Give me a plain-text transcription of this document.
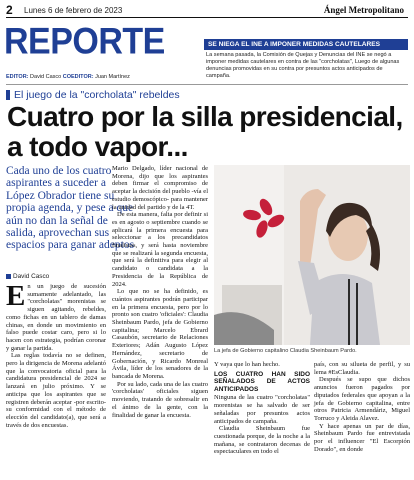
2 Lunes 6 de febrero de 2023	Ángel Metropolitano
REPORTE
EDITOR: David Casco COEDITOR: Juan Martínez
SE NIEGA EL INE A IMPONER MEDIDAS CAUTELARES
La semana pasada, la Comisión de Quejas y Denuncias del INE se negó a imponer medidas cautelares en contra de las "corcholatas", Luego de algunas denuncias promovidas en su contra por presuntos actos anticipados de campaña.
El juego de la "corcholata" rebeldes
Cuatro por la silla presidencial, a todo vapor...
Cada uno de los cuatro aspirantes a suceder a López Obrador tiene su propia agenda, y pese a que aún no dan la señal de salida, aprovechan sus espacios para ganar adeptos
David Casco

En un juego de sucesión sumamente adelantado, las "corcholatas" morenistas se siguen agitando, rebeldes, como fichas en un tablero de damas chinas, en donde un movimiento en falso puede costar caro, pero si lo hacen con estrategia, podrían coronar y ganar la partida.

Las reglas todavía no se definen, pero la dirigencia de Morena adelantó que la convocatoria oficial para la candidatura presidencial de 2024 se lanzará en julio próximo. Y se anticipa que los aspirantes que se registren deberán aceptar -por escrito- su conformidad con el método de elección del candidato(a), que será a través de dos encuestas.

Mario Delgado, líder nacional de Morena, dijo que los aspirantes deben firmar el compromiso de aceptar la decisión del pueblo -vía el estudio demoscópico- para mantener la unidad del partido y de la 4T.

De esta manera, falta por definir si es en agosto o septiembre cuando se aplicará la primera encuesta para seleccionar a los precandidatos finalistas, y será hasta noviembre que se realizará la segunda encuesta, que será la definitiva para elegir al candidato o candidata a la Presidencia de la República de 2024.

Lo que no se ha definido, es cuántos aspirantes podrán participar en la primera encuesta, pero por lo pronto son cuatro 'oficiales': Claudia Sheinbaum Pardo, jefa de Gobierno capitalina; Marcelo Ebrard Casaubón, secretario de Relaciones Exteriores; Adán Augusto López Hernández, secretario de Gobernación, y Ricardo Monreal Ávila, líder de los senadores de la bancada de Morena.

Por su lado, cada una de las cuatro 'corcholatas' oficiales siguen moviendo, tratando de sobresalir en el ánimo de la gente, con la finalidad de ganar la encuesta.

La jefa de Gobierno capitalino Claudia Sheinbaum Pardo.

Y vaya que lo han hecho.

LOS CUATRO HAN SIDO SEÑALADOS DE ACTOS ANTICIPADOS

Ninguna de las cuatro "corcholatas" morenistas se ha salvado de ser señaladas por presuntos actos anticipados de campaña.

Claudia Sheinbaum fue cuestionada porque, de la noche a la mañana, se contrataron decenas de espectaculares en todo el

país, con su silueta de perfil, y su lema #EsClaudia.

Después se supo que dichos anuncios fueron pagados por diputados federales que apoyan a la jefa de Gobierno capitalina, entre otros Patricia Armendáriz, Miguel Torruco y Aleida Alavez.

Y hace apenas un par de días, Sheinbaum Pardo fue entrevistada por el influencer "El Escorpión Dorado", en donde
